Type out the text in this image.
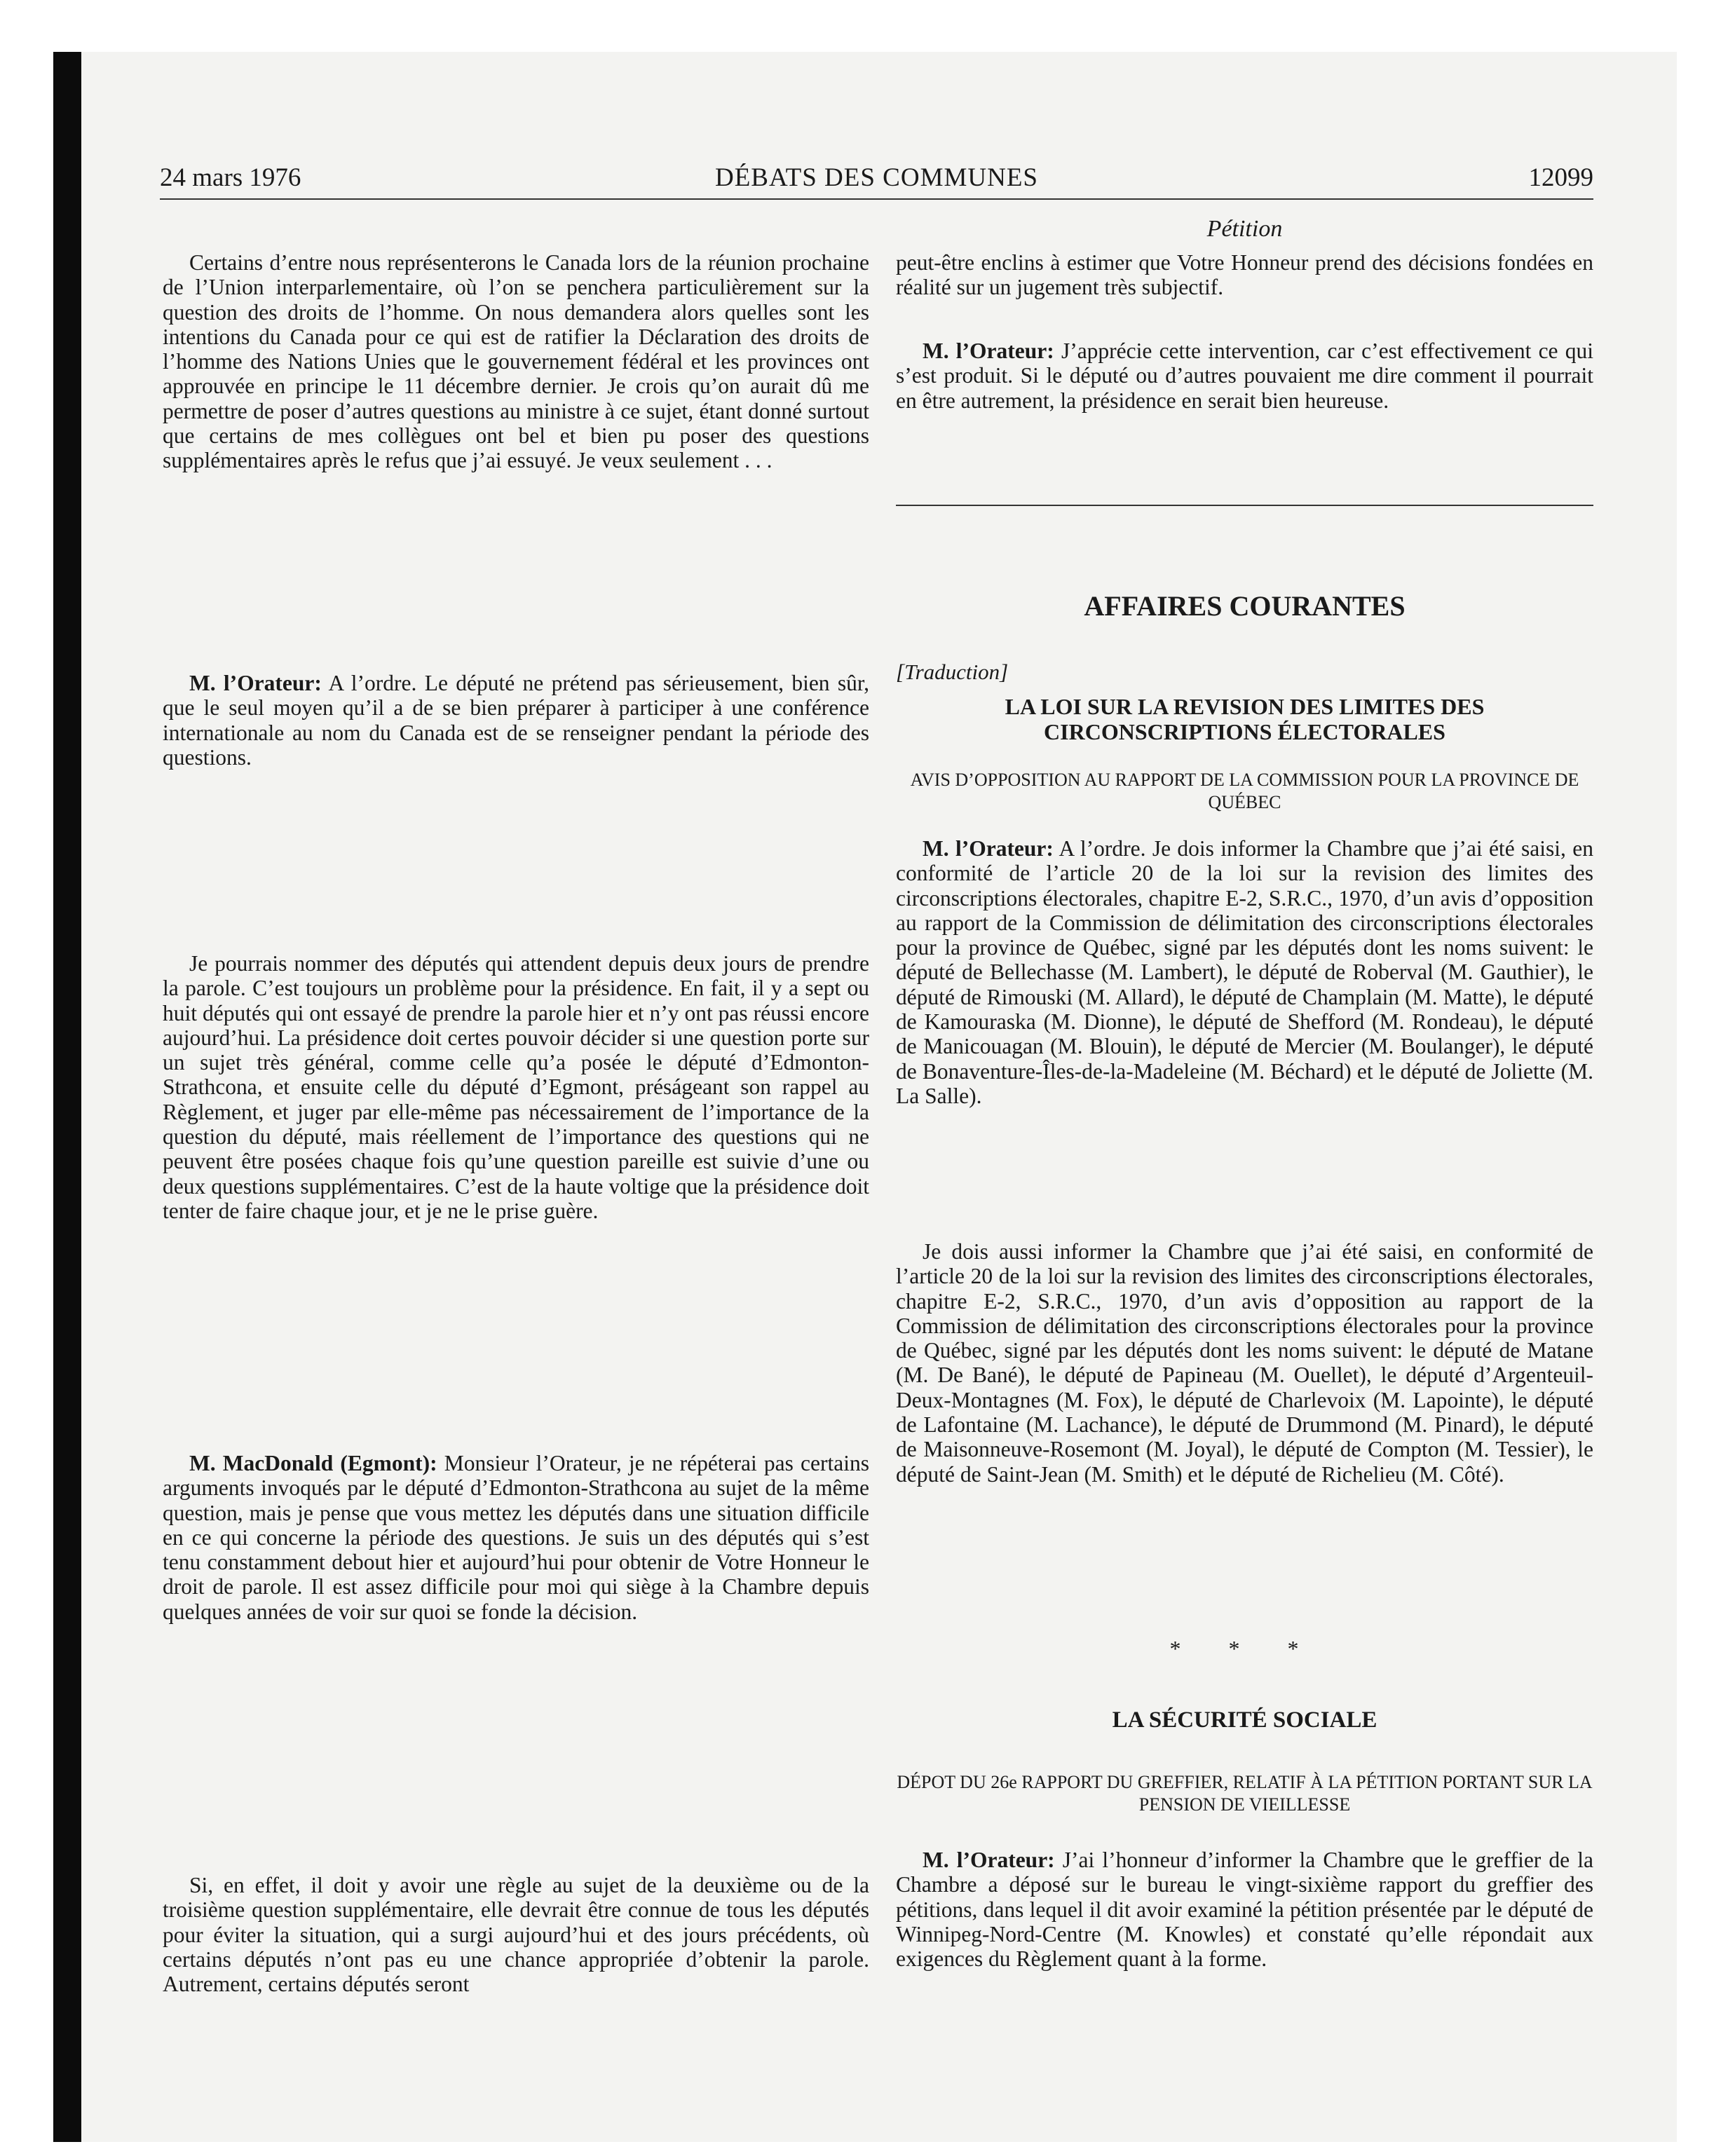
24 mars 1976	DÉBATS DES COMMUNES	12099
Pétition

Certains d’entre nous représenterons le Canada lors de la réunion prochaine de l’Union interparlementaire, où l’on se penchera particulièrement sur la question des droits de l’homme. On nous demandera alors quelles sont les intentions du Canada pour ce qui est de ratifier la Déclaration des droits de l’homme des Nations Unies que le gouvernement fédéral et les provinces ont approuvée en principe le 11 décembre dernier. Je crois qu’on aurait dû me permettre de poser d’autres questions au ministre à ce sujet, étant donné surtout que certains de mes collègues ont bel et bien pu poser des questions supplémentaires après le refus que j’ai essuyé. Je veux seulement . . .

M. l’Orateur: A l’ordre. Le député ne prétend pas sérieusement, bien sûr, que le seul moyen qu’il a de se bien préparer à participer à une conférence internationale au nom du Canada est de se renseigner pendant la période des questions.

Je pourrais nommer des députés qui attendent depuis deux jours de prendre la parole. C’est toujours un problème pour la présidence. En fait, il y a sept ou huit députés qui ont essayé de prendre la parole hier et n’y ont pas réussi encore aujourd’hui. La présidence doit certes pouvoir décider si une question porte sur un sujet très général, comme celle qu’a posée le député d’Edmonton-Strathcona, et ensuite celle du député d’Egmont, préságeant son rappel au Règlement, et juger par elle-même pas nécessairement de l’importance de la question du député, mais réellement de l’importance des questions qui ne peuvent être posées chaque fois qu’une question pareille est suivie d’une ou deux questions supplémentaires. C’est de la haute voltige que la présidence doit tenter de faire chaque jour, et je ne le prise guère.

M. MacDonald (Egmont): Monsieur l’Orateur, je ne répéterai pas certains arguments invoqués par le député d’Edmonton-Strathcona au sujet de la même question, mais je pense que vous mettez les députés dans une situation difficile en ce qui concerne la période des questions. Je suis un des députés qui s’est tenu constamment debout hier et aujourd’hui pour obtenir de Votre Honneur le droit de parole. Il est assez difficile pour moi qui siège à la Chambre depuis quelques années de voir sur quoi se fonde la décision.

Si, en effet, il doit y avoir une règle au sujet de la deuxième ou de la troisième question supplémentaire, elle devrait être connue de tous les députés pour éviter la situation, qui a surgi aujourd’hui et des jours précédents, où certains députés n’ont pas eu une chance appropriée d’obtenir la parole. Autrement, certains députés seront

peut-être enclins à estimer que Votre Honneur prend des décisions fondées en réalité sur un jugement très subjectif.

M. l’Orateur: J’apprécie cette intervention, car c’est effectivement ce qui s’est produit. Si le député ou d’autres pouvaient me dire comment il pourrait en être autrement, la présidence en serait bien heureuse.

AFFAIRES COURANTES
[Traduction]
LA LOI SUR LA REVISION DES LIMITES DES CIRCONSCRIPTIONS ÉLECTORALES
AVIS D’OPPOSITION AU RAPPORT DE LA COMMISSION POUR LA PROVINCE DE QUÉBEC

M. l’Orateur: A l’ordre. Je dois informer la Chambre que j’ai été saisi, en conformité de l’article 20 de la loi sur la revision des limites des circonscriptions électorales, chapitre E-2, S.R.C., 1970, d’un avis d’opposition au rapport de la Commission de délimitation des circonscriptions électorales pour la province de Québec, signé par les députés dont les noms suivent: le député de Bellechasse (M. Lambert), le député de Roberval (M. Gauthier), le député de Rimouski (M. Allard), le député de Champlain (M. Matte), le député de Kamouraska (M. Dionne), le député de Shefford (M. Rondeau), le député de Manicouagan (M. Blouin), le député de Mercier (M. Boulanger), le député de Bonaventure-Îles-de-la-Madeleine (M. Béchard) et le député de Joliette (M. La Salle).

Je dois aussi informer la Chambre que j’ai été saisi, en conformité de l’article 20 de la loi sur la revision des limites des circonscriptions électorales, chapitre E-2, S.R.C., 1970, d’un avis d’opposition au rapport de la Commission de délimitation des circonscriptions électorales pour la province de Québec, signé par les députés dont les noms suivent: le député de Matane (M. De Bané), le député de Papineau (M. Ouellet), le député d’Argenteuil-Deux-Montagnes (M. Fox), le député de Charlevoix (M. Lapointe), le député de Lafontaine (M. Lachance), le député de Drummond (M. Pinard), le député de Maisonneuve-Rosemont (M. Joyal), le député de Compton (M. Tessier), le député de Saint-Jean (M. Smith) et le député de Richelieu (M. Côté).

* * *
LA SÉCURITÉ SOCIALE
DÉPOT DU 26e RAPPORT DU GREFFIER, RELATIF À LA PÉTITION PORTANT SUR LA PENSION DE VIEILLESSE

M. l’Orateur: J’ai l’honneur d’informer la Chambre que le greffier de la Chambre a déposé sur le bureau le vingt-sixième rapport du greffier des pétitions, dans lequel il dit avoir examiné la pétition présentée par le député de Winnipeg-Nord-Centre (M. Knowles) et constaté qu’elle répondait aux exigences du Règlement quant à la forme.
